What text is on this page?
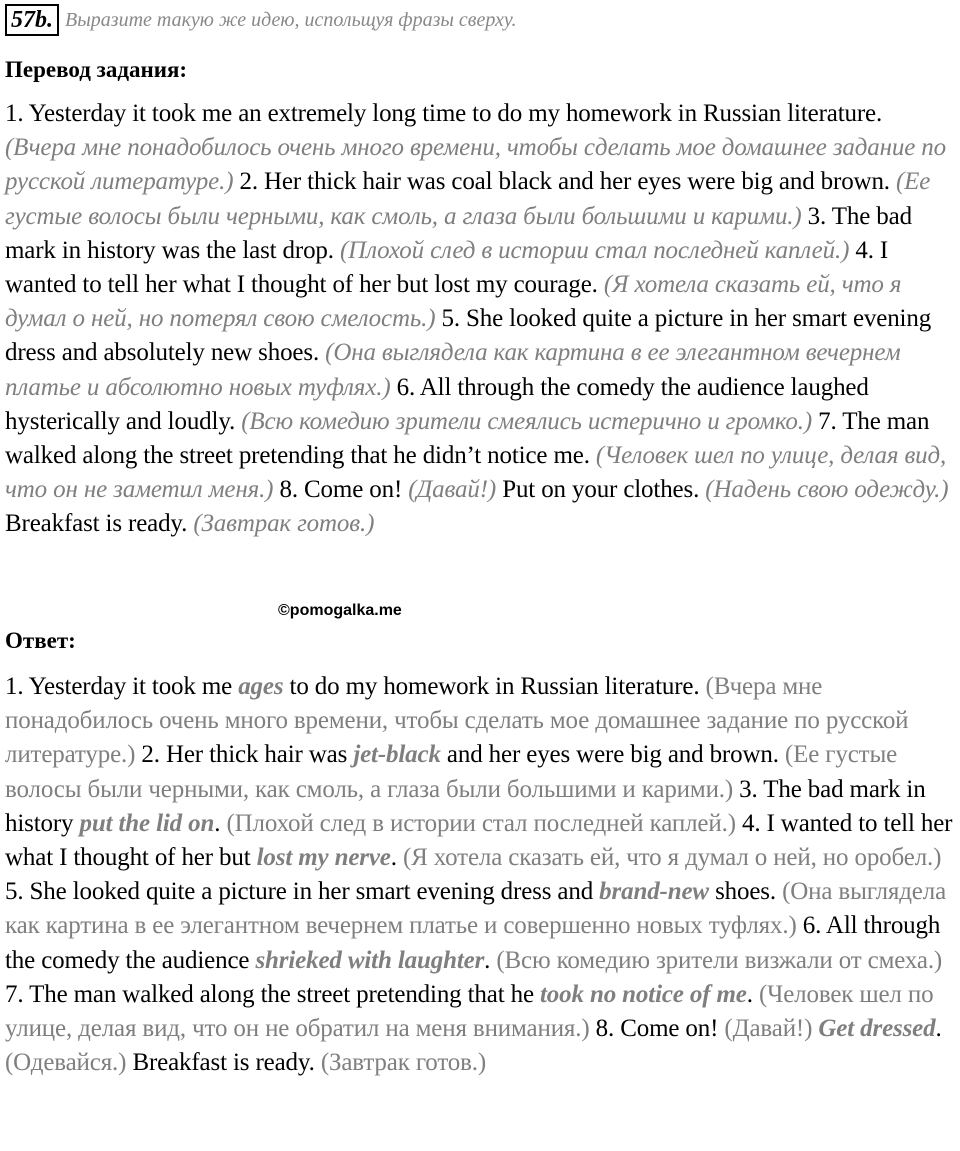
57b. Выразите такую же идею, испольщуя фразы сверху.
Перевод задания:
1. Yesterday it took me an extremely long time to do my homework in Russian literature. (Вчера мне понадобилось очень много времени, чтобы сделать мое домашнее задание по русской литературе.) 2. Her thick hair was coal black and her eyes were big and brown. (Ее густые волосы были черными, как смоль, а глаза были большими и карими.) 3. The bad mark in history was the last drop. (Плохой след в истории стал последней каплей.) 4. I wanted to tell her what I thought of her but lost my courage. (Я хотела сказать ей, что я думал о ней, но потерял свою смелость.) 5. She looked quite a picture in her smart evening dress and absolutely new shoes. (Она выглядела как картина в ее элегантном вечернем платье и абсолютно новых туфлях.) 6. All through the comedy the audience laughed hysterically and loudly. (Всю комедию зрители смеялись истерично и громко.) 7. The man walked along the street pretending that he didn’t notice me. (Человек шел по улице, делая вид, что он не заметил меня.) 8. Come on! (Давай!) Put on your clothes. (Надень свою одежду.) Breakfast is ready. (Завтрак готов.)
©pomogalka.me
Ответ:
1. Yesterday it took me ages to do my homework in Russian literature. (Вчера мне понадобилось очень много времени, чтобы сделать мое домашнее задание по русской литературе.) 2. Her thick hair was jet-black and her eyes were big and brown. (Ее густые волосы были черными, как смоль, а глаза были большими и карими.) 3. The bad mark in history put the lid on. (Плохой след в истории стал последней каплей.) 4. I wanted to tell her what I thought of her but lost my nerve. (Я хотела сказать ей, что я думал о ней, но оробел.) 5. She looked quite a picture in her smart evening dress and brand-new shoes. (Она выглядела как картина в ее элегантном вечернем платье и совершенно новых туфлях.) 6. All through the comedy the audience shrieked with laughter. (Всю комедию зрители визжали от смеха.) 7. The man walked along the street pretending that he took no notice of me. (Человек шел по улице, делая вид, что он не обратил на меня внимания.) 8. Come on! (Давай!) Get dressed. (Одевайся.) Breakfast is ready. (Завтрак готов.)
